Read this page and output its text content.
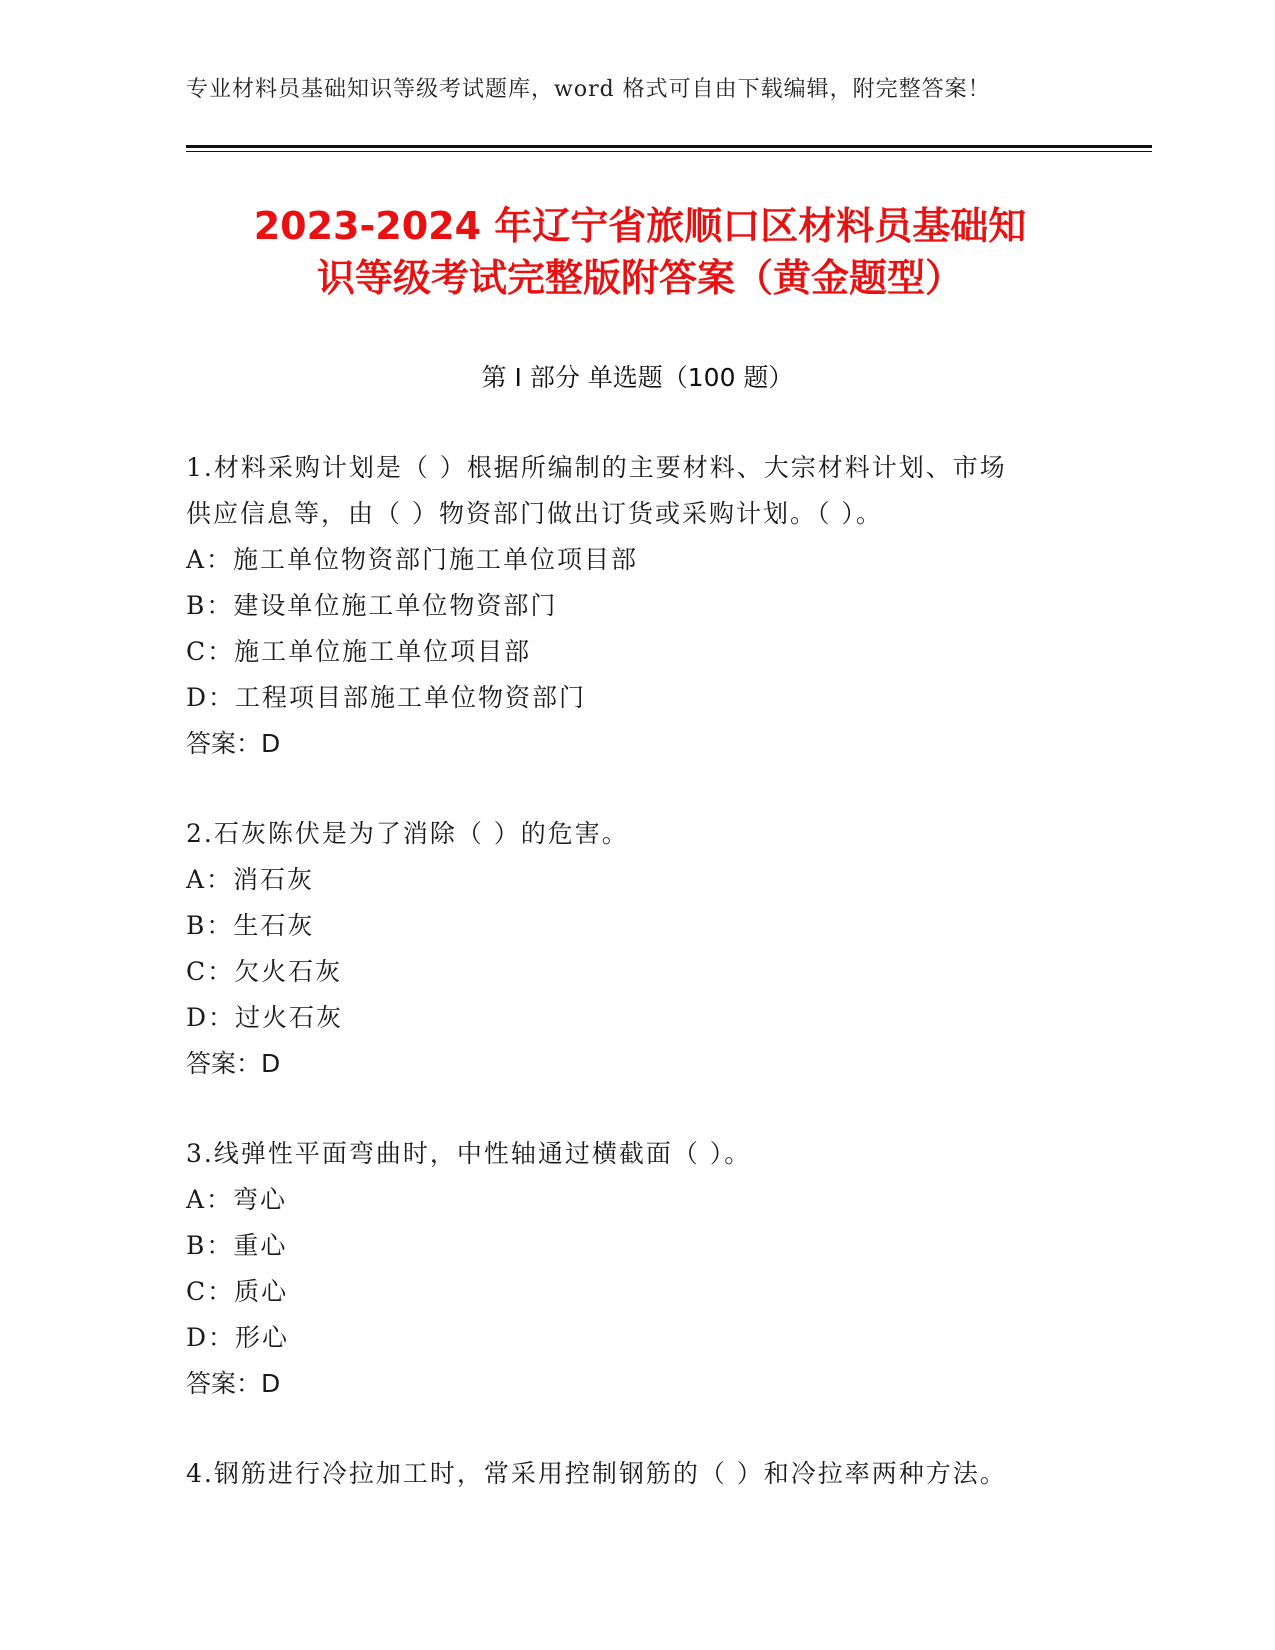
专业材料员基础知识等级考试题库，word 格式可自由下载编辑，附完整答案！
2023-2024 年辽宁省旅顺口区材料员基础知
识等级考试完整版附答案（黄金题型）
第 I 部分 单选题（100 题）

1.材料采购计划是（ ）根据所编制的主要材料、大宗材料计划、市场

供应信息等，由（ ）物资部门做出订货或采购计划。（ ）。

A：施工单位物资部门施工单位项目部

B：建设单位施工单位物资部门

C：施工单位施工单位项目部

D：工程项目部施工单位物资部门

答案：D

2.石灰陈伏是为了消除（ ）的危害。

A：消石灰

B：生石灰

C：欠火石灰

D：过火石灰

答案：D

3.线弹性平面弯曲时，中性轴通过横截面（ ）。

A：弯心

B：重心

C：质心

D：形心

答案：D

4.钢筋进行冷拉加工时，常采用控制钢筋的（ ）和冷拉率两种方法。
